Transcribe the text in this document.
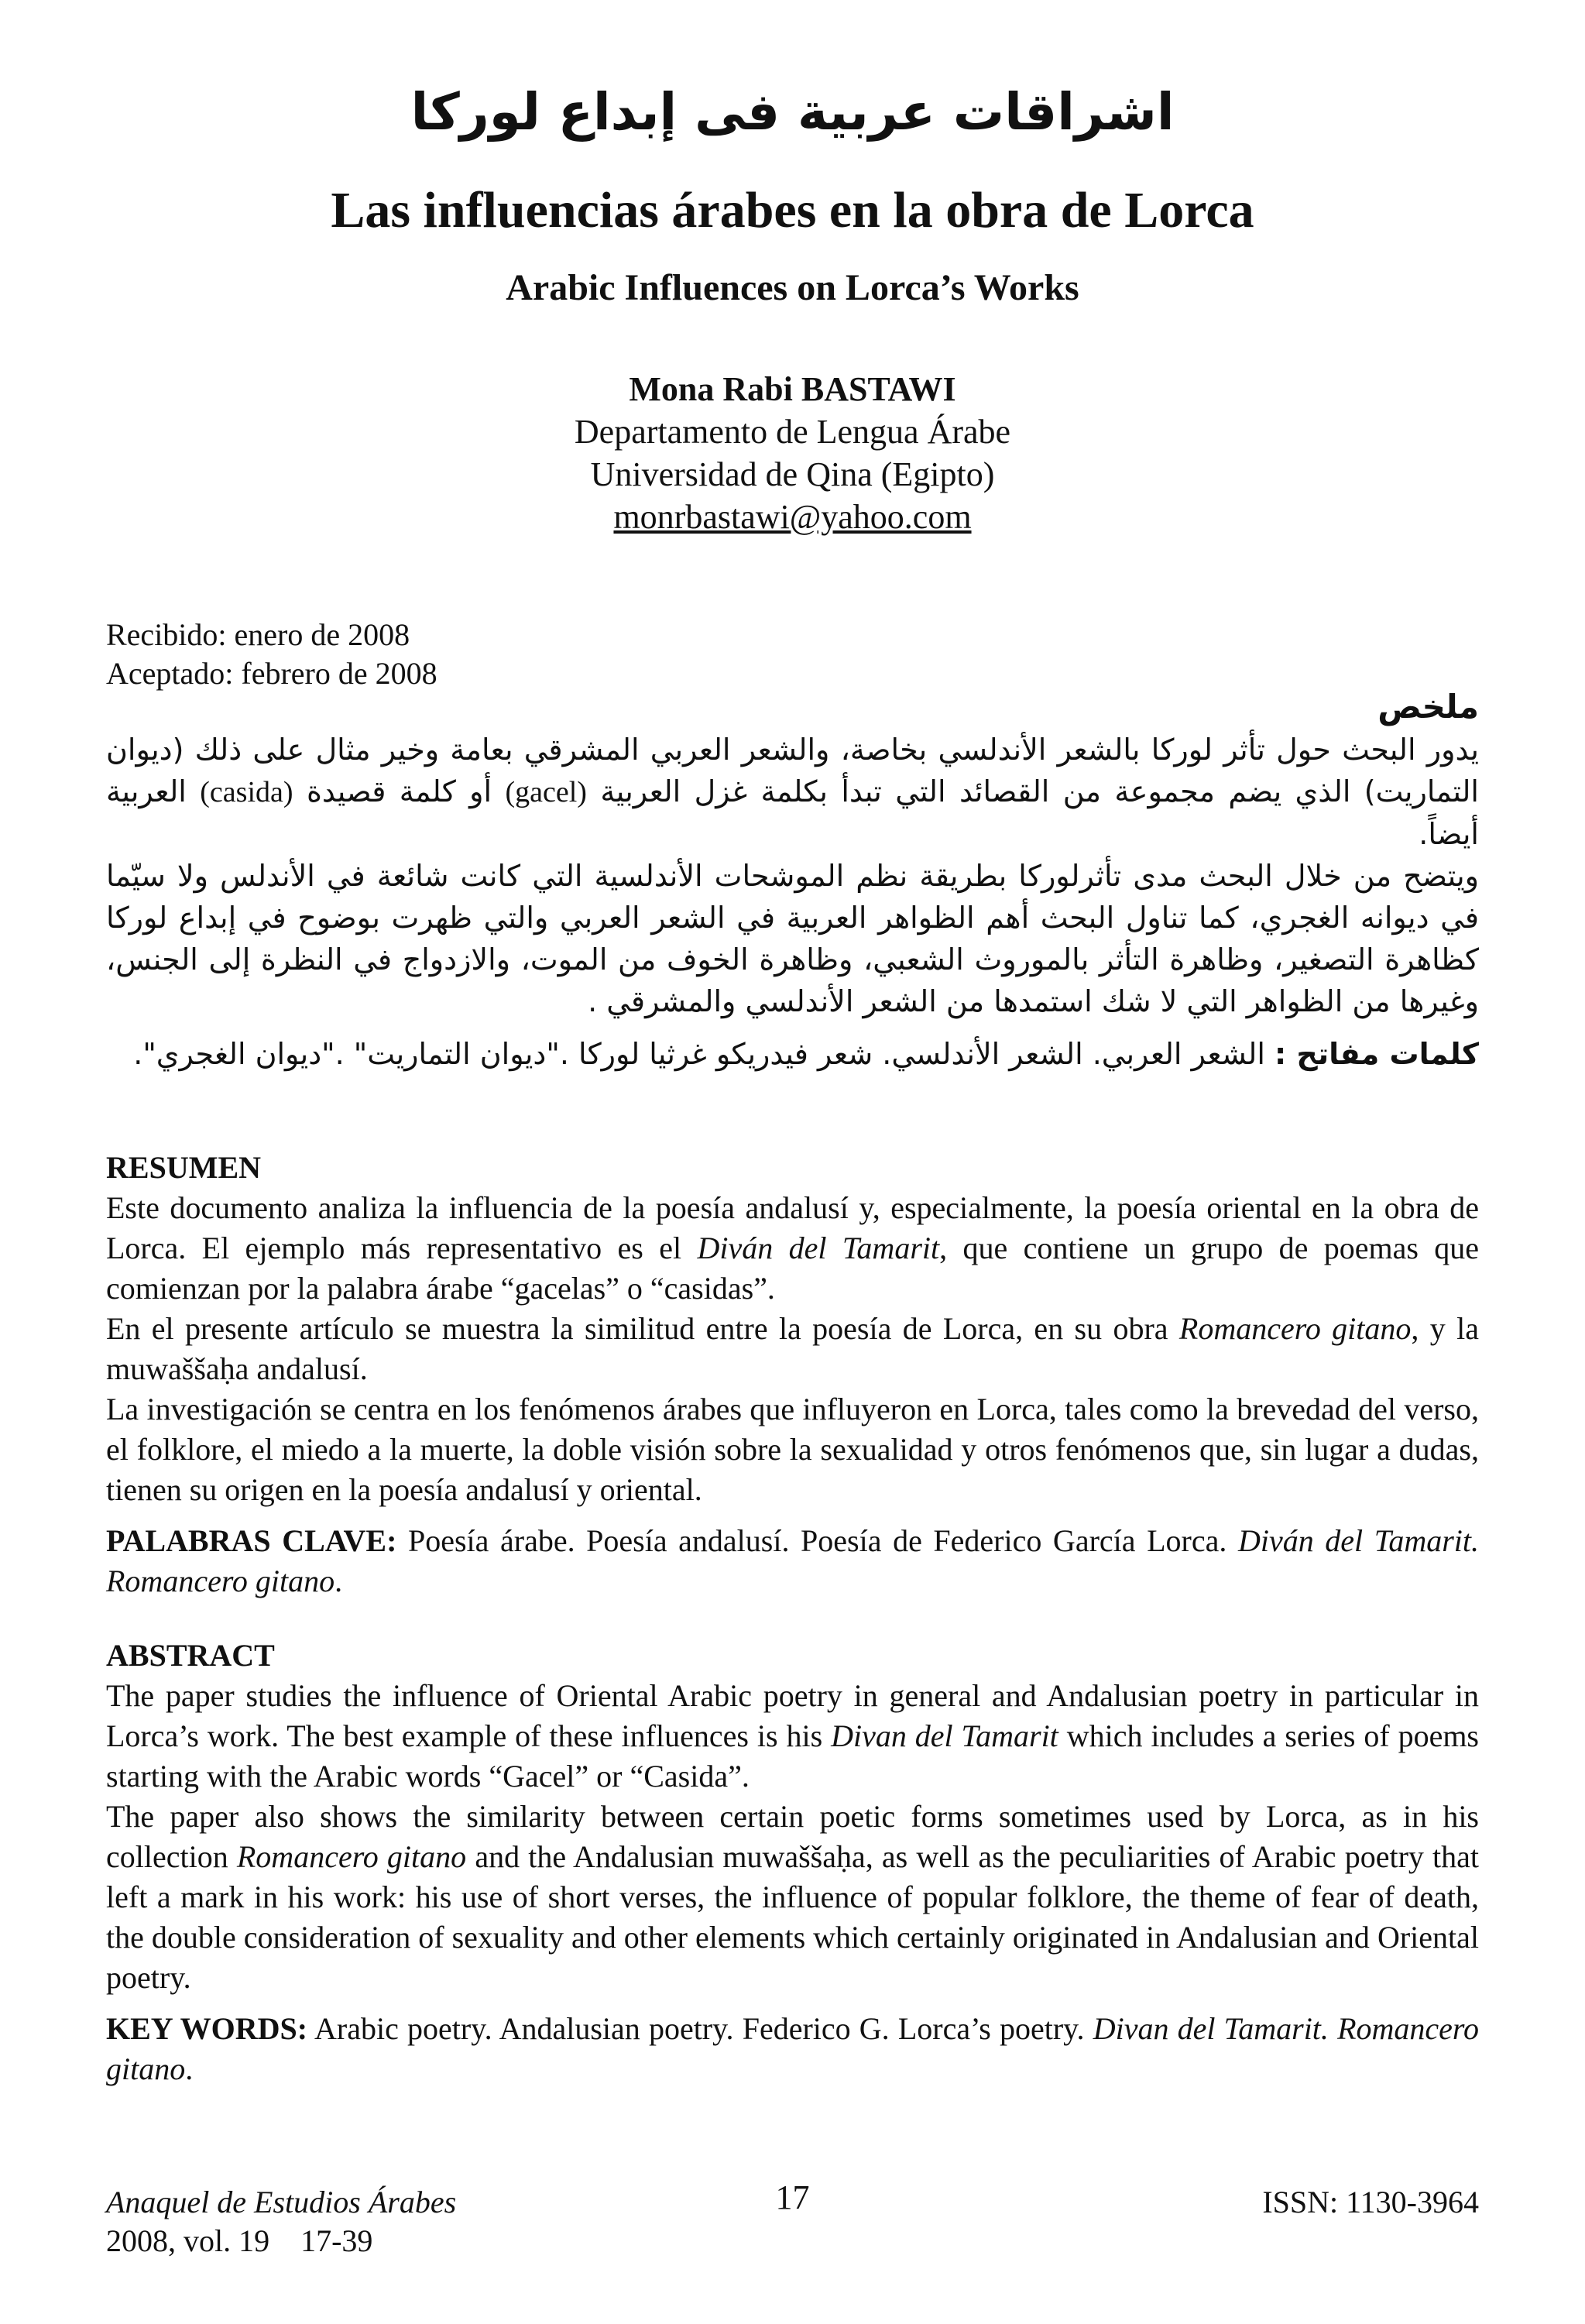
اشراقات عربية فى إبداع لوركا
Las influencias árabes en la obra de Lorca
Arabic Influences on Lorca’s Works
Mona Rabi BASTAWI
Departamento de Lengua Árabe
Universidad de Qina (Egipto)
monrbastawi@yahoo.com
Recibido: enero de 2008
Aceptado: febrero de 2008
ملخص

يدور البحث حول تأثر لوركا بالشعر الأندلسي بخاصة، والشعر العربي المشرقي بعامة وخير مثال على ذلك (ديوان التماريت) الذي يضم مجموعة من القصائد التي تبدأ بكلمة غزل العربية (gacel) أو كلمة قصيدة (casida) العربية أيضاً.

ويتضح من خلال البحث مدى تأثرلوركا بطريقة نظم الموشحات الأندلسية التي كانت شائعة في الأندلس ولا سيّما في ديوانه الغجري، كما تناول البحث أهم الظواهر العربية في الشعر العربي والتي ظهرت بوضوح في إبداع لوركا كظاهرة التصغير، وظاهرة التأثر بالموروث الشعبي، وظاهرة الخوف من الموت، والازدواج في النظرة إلى الجنس، وغيرها من الظواهر التي لا شك استمدها من الشعر الأندلسي والمشرقي .

كلمات مفاتح : الشعر العربي. الشعر الأندلسي. شعر فيدريكو غرثيا لوركا ."ديوان التماريت" ."ديوان الغجري".

RESUMEN

Este documento analiza la influencia de la poesía andalusí y, especialmente, la poesía oriental en la obra de Lorca. El ejemplo más representativo es el Diván del Tamarit, que contiene un grupo de poemas que comienzan por la palabra árabe “gacelas” o “casidas”.

En el presente artículo se muestra la similitud entre la poesía de Lorca, en su obra Romancero gitano, y la muwaššaḥa andalusí.

La investigación se centra en los fenómenos árabes que influyeron en Lorca, tales como la brevedad del verso, el folklore, el miedo a la muerte, la doble visión sobre la sexualidad y otros fenómenos que, sin lugar a dudas, tienen su origen en la poesía andalusí y oriental.

PALABRAS CLAVE: Poesía árabe. Poesía andalusí. Poesía de Federico García Lorca. Diván del Tamarit. Romancero gitano.

ABSTRACT

The paper studies the influence of Oriental Arabic poetry in general and Andalusian poetry in particular in Lorca’s work. The best example of these influences is his Divan del Tamarit which includes a series of poems starting with the Arabic words “Gacel” or “Casida”.

The paper also shows the similarity between certain poetic forms sometimes used by Lorca, as in his collection Romancero gitano and the Andalusian muwaššaḥa, as well as the peculiarities of Arabic poetry that left a mark in his work: his use of short verses, the influence of popular folklore, the theme of fear of death, the double consideration of sexuality and other elements which certainly originated in Andalusian and Oriental poetry.

KEY WORDS: Arabic poetry. Andalusian poetry. Federico G. Lorca’s poetry. Divan del Tamarit. Romancero gitano.

Anaquel de Estudios Árabes
2008, vol. 19    17-39
17	ISSN: 1130-3964
